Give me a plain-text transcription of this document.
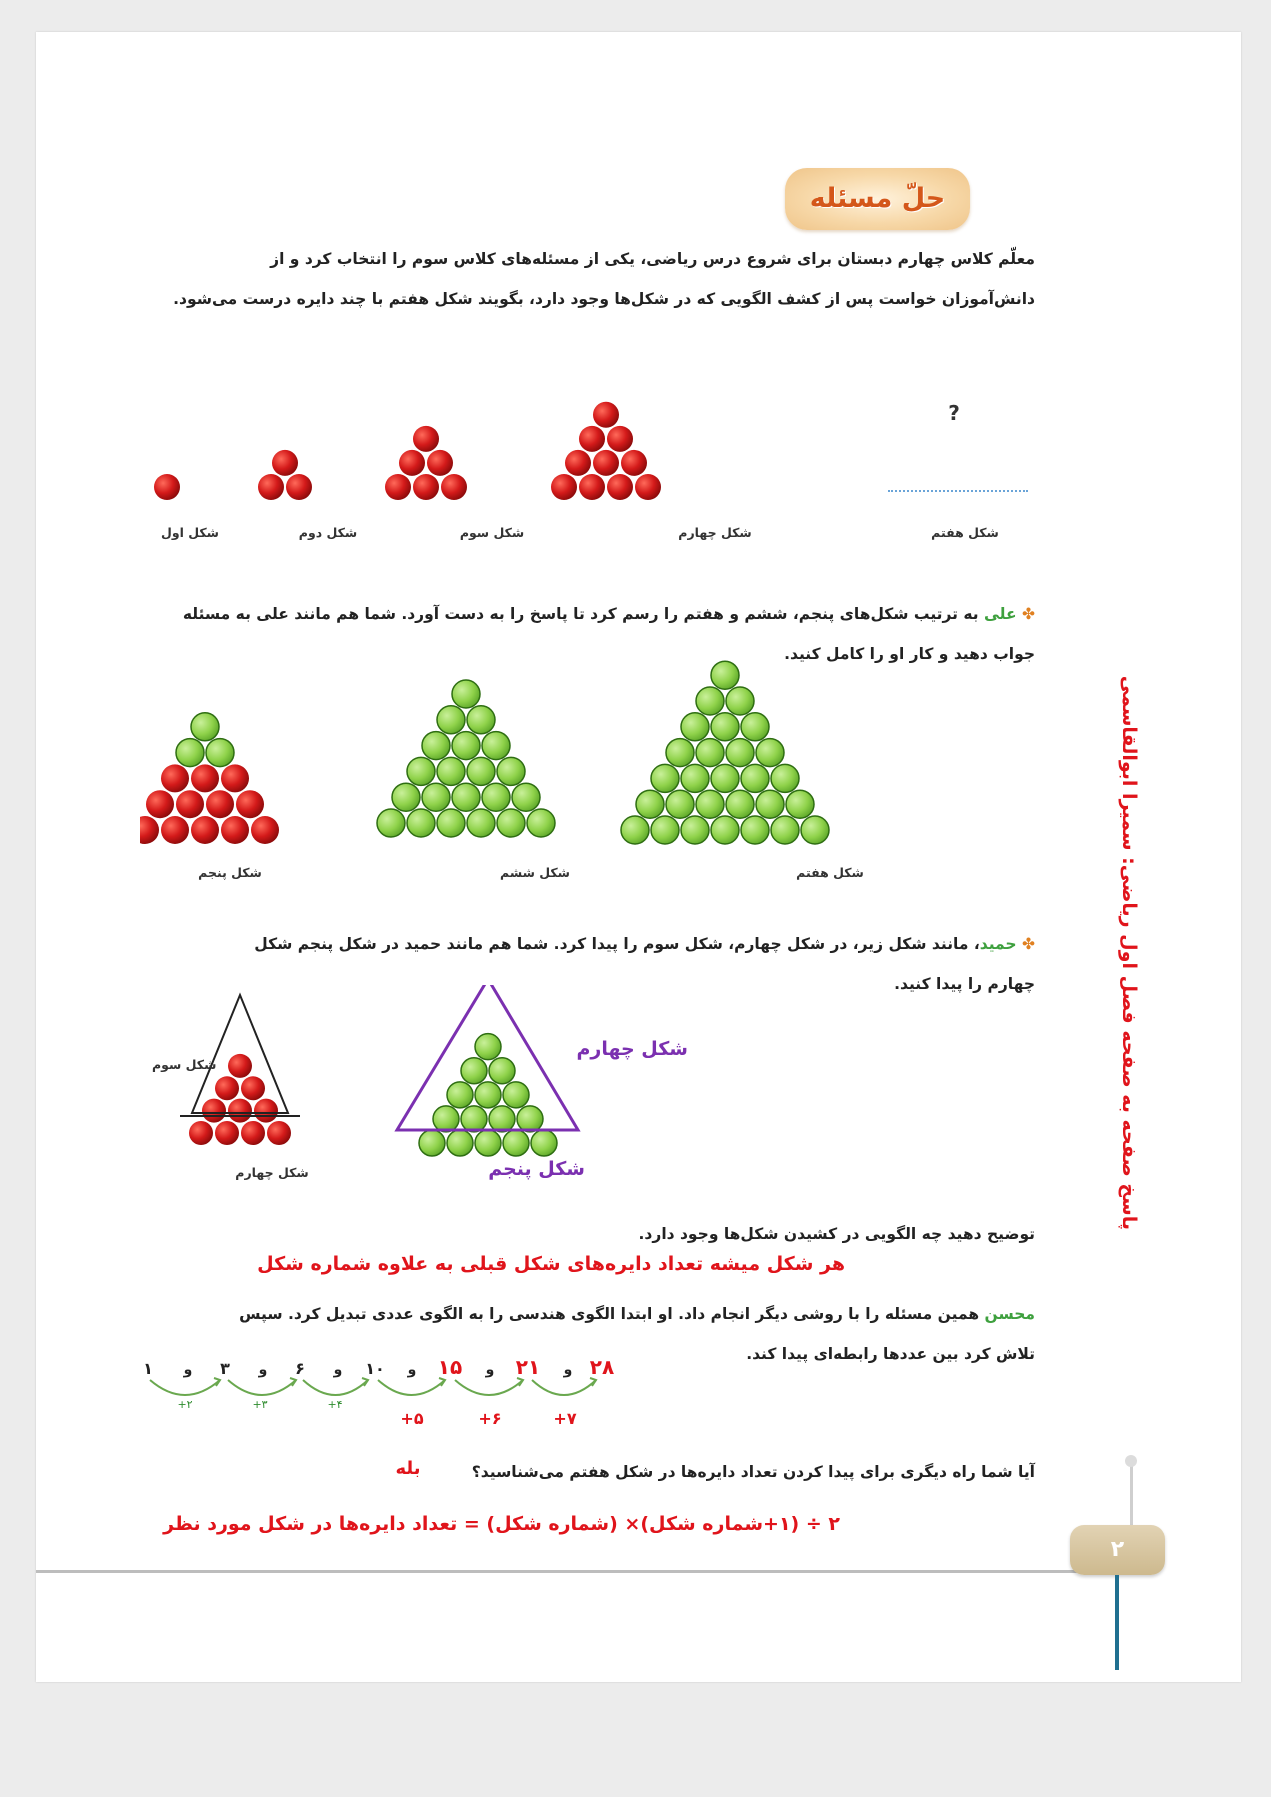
حلّ مسئله
معلّم کلاس چهارم دبستان برای شروع درس ریاضی، یکی از مسئله‌های کلاس سوم را انتخاب کرد و از
دانش‌آموزان خواست پس از کشف الگویی که در شکل‌ها وجود دارد، بگویند شکل هفتم با چند دایره درست می‌شود.
?
شکل اول	شکل دوم	شکل سوم	شکل چهارم	شکل هفتم
✤ علی به ترتیب شکل‌های پنجم، ششم و هفتم را رسم کرد تا پاسخ را به دست آورد. شما هم مانند علی به مسئله
جواب دهید و کار او را کامل کنید.
شکل پنجم	شکل ششم	شکل هفتم
✤ حمید، مانند شکل زیر، در شکل چهارم، شکل سوم را پیدا کرد. شما هم مانند حمید در شکل پنجم شکل
چهارم را پیدا کنید.
شکل سوم
شکل چهارم
شکل چهارم
شکل پنجم
توضیح دهید چه الگویی در کشیدن شکل‌ها وجود دارد.
هر شکل میشه تعداد دایره‌های شکل قبلی به علاوه شماره شکل
محسن همین مسئله را با روشی دیگر انجام داد. او ابتدا الگوی هندسی را به الگوی عددی تبدیل کرد. سپس
تلاش کرد بین عددها رابطه‌ای پیدا کند.
۱	۳	۶	۱۰
و	و	و	و
+۲	+۳	+۴
۱۵	۲۱ ۲۸
و	و
+۵	+۶	+۷
آیا شما راه دیگری برای پیدا کردن تعداد دایره‌ها در شکل هفتم می‌شناسید؟
بله
۲ ÷ (۱+شماره شکل)× (شماره شکل) = تعداد دایره‌ها در شکل مورد نظر
پاسخ صفحه به صفحه فصل اول ریاضی: سمیرا ابوالقاسمی
۲
